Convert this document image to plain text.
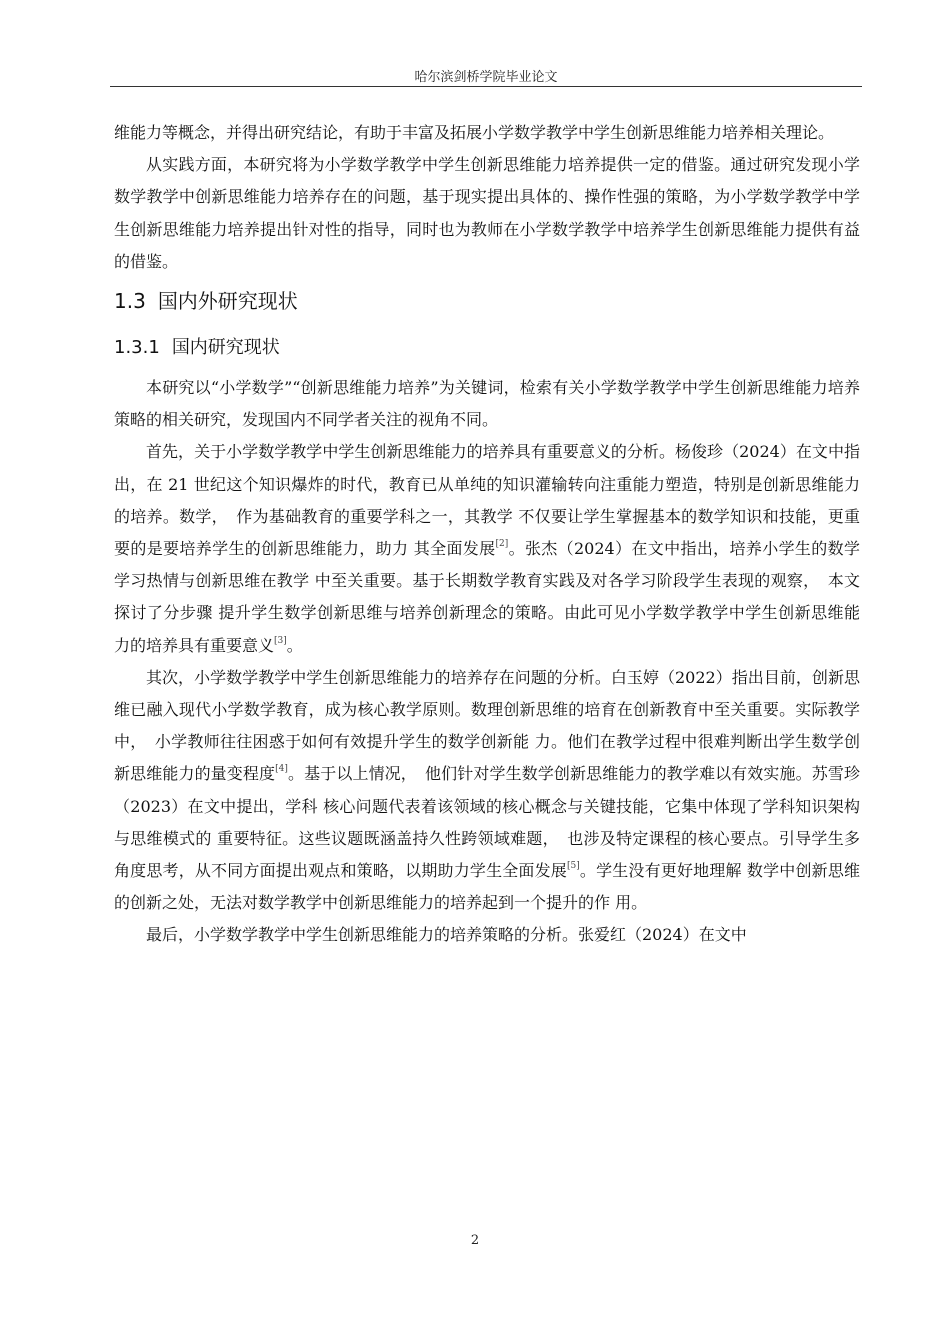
哈尔滨剑桥学院毕业论文

维能力等概念，并得出研究结论，有助于丰富及拓展小学数学教学中学生创新思维能力培养相关理论。

从实践方面，本研究将为小学数学教学中学生创新思维能力培养提供一定的借鉴。通过研究发现小学数学教学中创新思维能力培养存在的问题，基于现实提出具体的、操作性强的策略，为小学数学教学中学生创新思维能力培养提出针对性的指导，同时也为教师在小学数学教学中培养学生创新思维能力提供有益的借鉴。

1.3 国内外研究现状
1.3.1 国内研究现状

本研究以“小学数学”“创新思维能力培养”为关键词，检索有关小学数学教学中学生创新思维能力培养策略的相关研究，发现国内不同学者关注的视角不同。

首先，关于小学数学教学中学生创新思维能力的培养具有重要意义的分析。杨俊珍（2024）在文中指出，在 21 世纪这个知识爆炸的时代，教育已从单纯的知识灌输转向注重能力塑造，特别是创新思维能力的培养。数学，　作为基础教育的重要学科之一，其教学 不仅要让学生掌握基本的数学知识和技能，更重要的是要培养学生的创新思维能力，助力 其全面发展[2]。张杰（2024）在文中指出，培养小学生的数学学习热情与创新思维在教学 中至关重要。基于长期数学教育实践及对各学习阶段学生表现的观察，　本文探讨了分步骤 提升学生数学创新思维与培养创新理念的策略。由此可见小学数学教学中学生创新思维能 力的培养具有重要意义[3]。

其次，小学数学教学中学生创新思维能力的培养存在问题的分析。白玉婷（2022）指出目前，创新思维已融入现代小学数学教育，成为核心教学原则。数理创新思维的培育在创新教育中至关重要。实际教学中，　小学教师往往困惑于如何有效提升学生的数学创新能 力。他们在教学过程中很难判断出学生数学创新思维能力的量变程度[4]。基于以上情况，　他们针对学生数学创新思维能力的教学难以有效实施。苏雪珍（2023）在文中提出，学科 核心问题代表着该领域的核心概念与关键技能，它集中体现了学科知识架构与思维模式的 重要特征。这些议题既涵盖持久性跨领域难题，　也涉及特定课程的核心要点。引导学生多 角度思考，从不同方面提出观点和策略，以期助力学生全面发展[5]。学生没有更好地理解 数学中创新思维的创新之处，无法对数学教学中创新思维能力的培养起到一个提升的作 用。

最后，小学数学教学中学生创新思维能力的培养策略的分析。张爱红（2024）在文中

2
